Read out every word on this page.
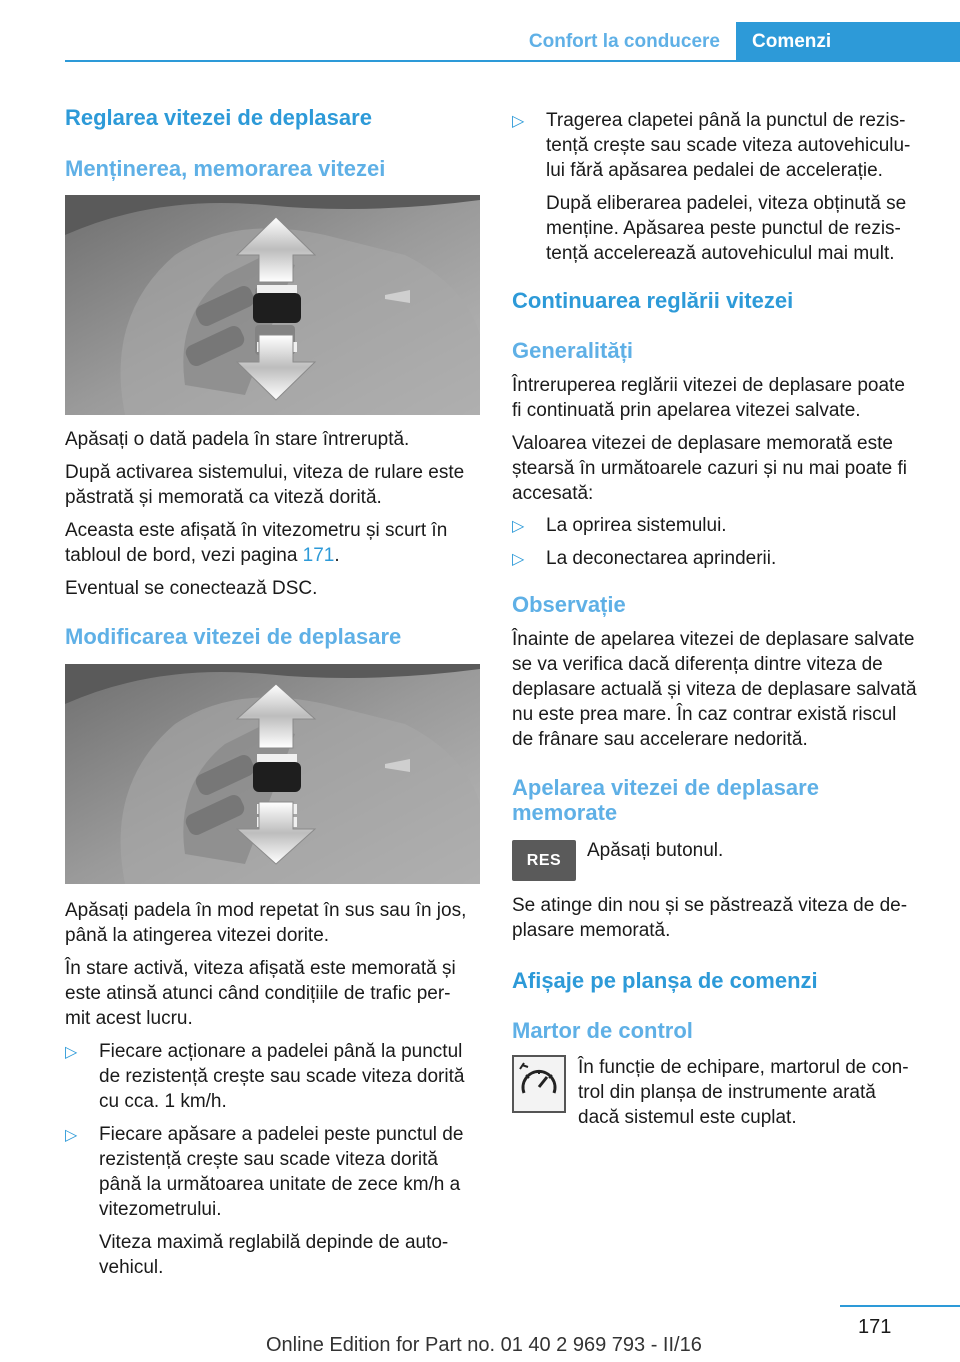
Confort la conducere	Comenzi
Reglarea vitezei de deplasare
Menținerea, memorarea vitezei
Apăsați o dată padela în stare întreruptă.
După activarea sistemului, viteza de rulare este
păstrată și memorată ca viteză dorită.
Aceasta este afișată în vitezometru și scurt în
tabloul de bord, vezi pagina 171.
Eventual se conectează DSC.
Modificarea vitezei de deplasare
Apăsați padela în mod repetat în sus sau în jos,
până la atingerea vitezei dorite.
În stare activă, viteza afișată este memorată și
este atinsă atunci când condițiile de trafic per-
mit acest lucru.
▷ Fiecare acționare a padelei până la punctul
de rezistență crește sau scade viteza dorită
cu cca. 1 km/h.
▷ Fiecare apăsare a padelei peste punctul de
rezistență crește sau scade viteza dorită
până la următoarea unitate de zece km/h a
vitezometrului.
Viteza maximă reglabilă depinde de auto-
vehicul.
▷ Tragerea clapetei până la punctul de rezis-
tență crește sau scade viteza autovehiculu-
lui fără apăsarea pedalei de accelerație.
După eliberarea padelei, viteza obținută se
menține. Apăsarea peste punctul de rezis-
tență accelerează autovehiculul mai mult.
Continuarea reglării vitezei
Generalități
Întreruperea reglării vitezei de deplasare poate
fi continuată prin apelarea vitezei salvate.
Valoarea vitezei de deplasare memorată este
ștearsă în următoarele cazuri și nu mai poate fi
accesată:
▷ La oprirea sistemului.
▷ La deconectarea aprinderii.
Observație
Înainte de apelarea vitezei de deplasare salvate
se va verifica dacă diferența dintre viteza de
deplasare actuală și viteza de deplasare salvată
nu este prea mare. În caz contrar există riscul
de frânare sau accelerare nedorită.
Apelarea vitezei de deplasare
memorate
RES	Apăsați butonul.
Se atinge din nou și se păstrează viteza de de-
plasare memorată.
Afișaje pe planșa de comenzi
Martor de control
În funcție de echipare, martorul de con-
trol din planșa de instrumente arată
dacă sistemul este cuplat.
171
Online Edition for Part no. 01 40 2 969 793 - II/16
